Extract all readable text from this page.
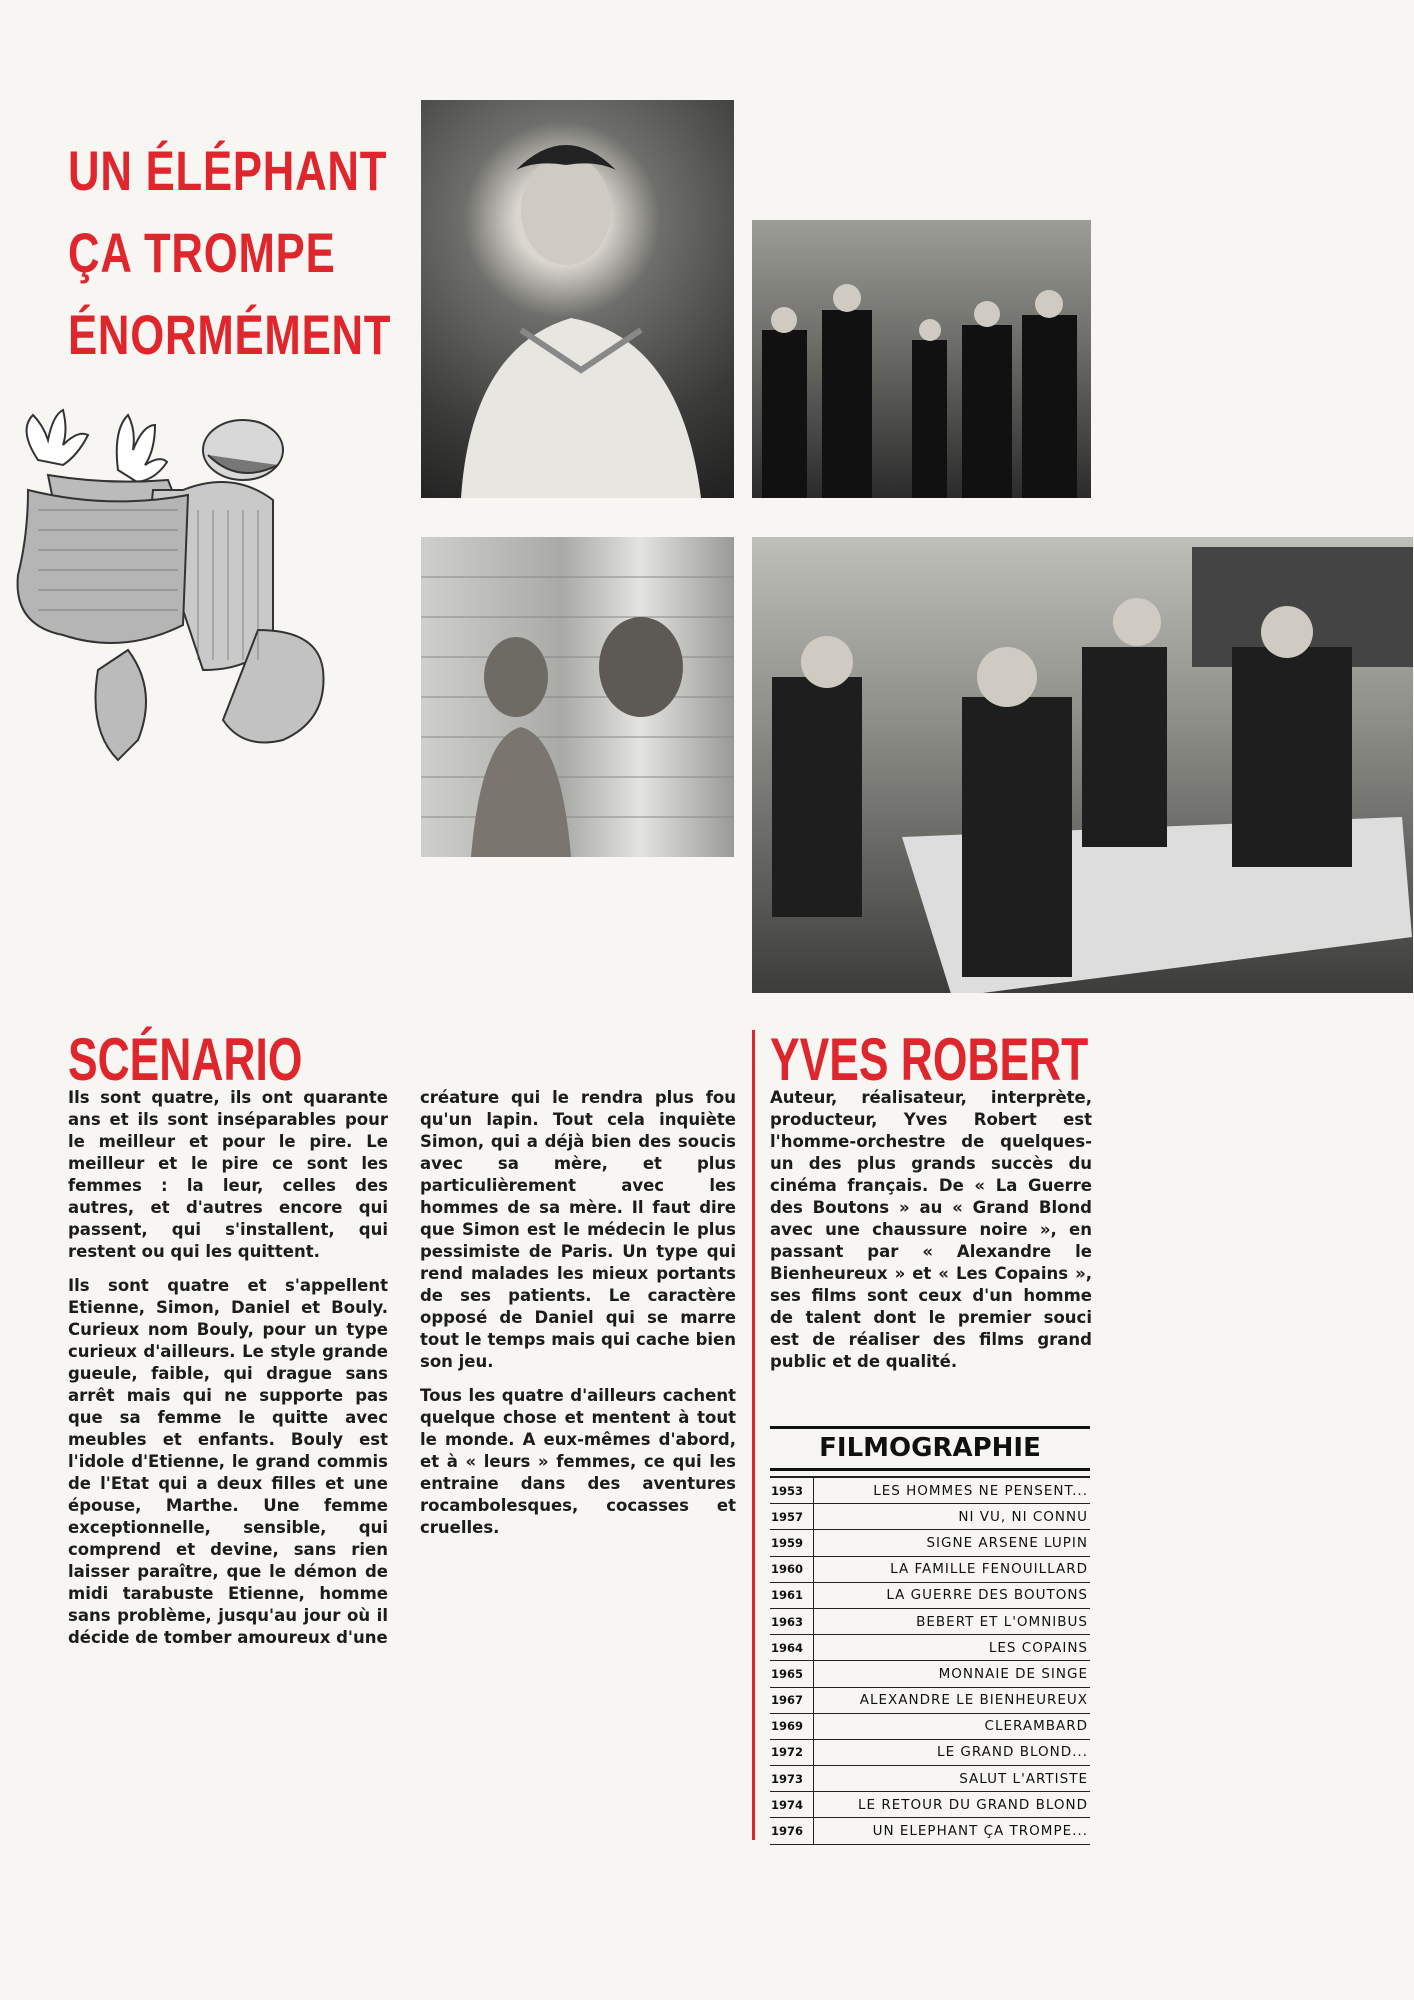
UN ÉLÉPHANT
ÇA TROMPE
ÉNORMÉMENT
SCÉNARIO

Ils sont quatre, ils ont quarante ans et ils sont inséparables pour le meilleur et pour le pire. Le meilleur et le pire ce sont les femmes : la leur, celles des autres, et d'autres encore qui passent, qui s'installent, qui restent ou qui les quittent.

Ils sont quatre et s'appellent Etienne, Simon, Daniel et Bouly. Curieux nom Bouly, pour un type curieux d'ailleurs. Le style grande gueule, faible, qui drague sans arrêt mais qui ne supporte pas que sa femme le quitte avec meubles et enfants. Bouly est l'idole d'Etienne, le grand commis de l'Etat qui a deux filles et une épouse, Marthe. Une femme exceptionnelle, sensible, qui comprend et devine, sans rien laisser paraître, que le démon de midi tarabuste Etienne, homme sans problème, jusqu'au jour où il décide de tomber amoureux d'une

créature qui le rendra plus fou qu'un lapin. Tout cela inquiète Simon, qui a déjà bien des soucis avec sa mère, et plus particulièrement avec les hommes de sa mère. Il faut dire que Simon est le médecin le plus pessimiste de Paris. Un type qui rend malades les mieux portants de ses patients. Le caractère opposé de Daniel qui se marre tout le temps mais qui cache bien son jeu.

Tous les quatre d'ailleurs cachent quelque chose et mentent à tout le monde. A eux-mêmes d'abord, et à « leurs » femmes, ce qui les entraine dans des aventures rocambolesques, cocasses et cruelles.

YVES ROBERT
Auteur, réalisateur, interprète, producteur, Yves Robert est l'homme-orchestre de quelques-un des plus grands succès du cinéma français. De « La Guerre des Boutons » au « Grand Blond avec une chaussure noire », en passant par « Alexandre le Bienheureux » et « Les Copains », ses films sont ceux d'un homme de talent dont le premier souci est de réaliser des films grand public et de qualité.
FILMOGRAPHIE
1953	LES HOMMES NE PENSENT...
1957	NI VU, NI CONNU
1959	SIGNE ARSENE LUPIN
1960	LA FAMILLE FENOUILLARD
1961	LA GUERRE DES BOUTONS
1963	BEBERT ET L'OMNIBUS
1964	LES COPAINS
1965	MONNAIE DE SINGE
1967	ALEXANDRE LE BIENHEUREUX
1969	CLERAMBARD
1972	LE GRAND BLOND...
1973	SALUT L'ARTISTE
1974	LE RETOUR DU GRAND BLOND
1976	UN ELEPHANT ÇA TROMPE...
